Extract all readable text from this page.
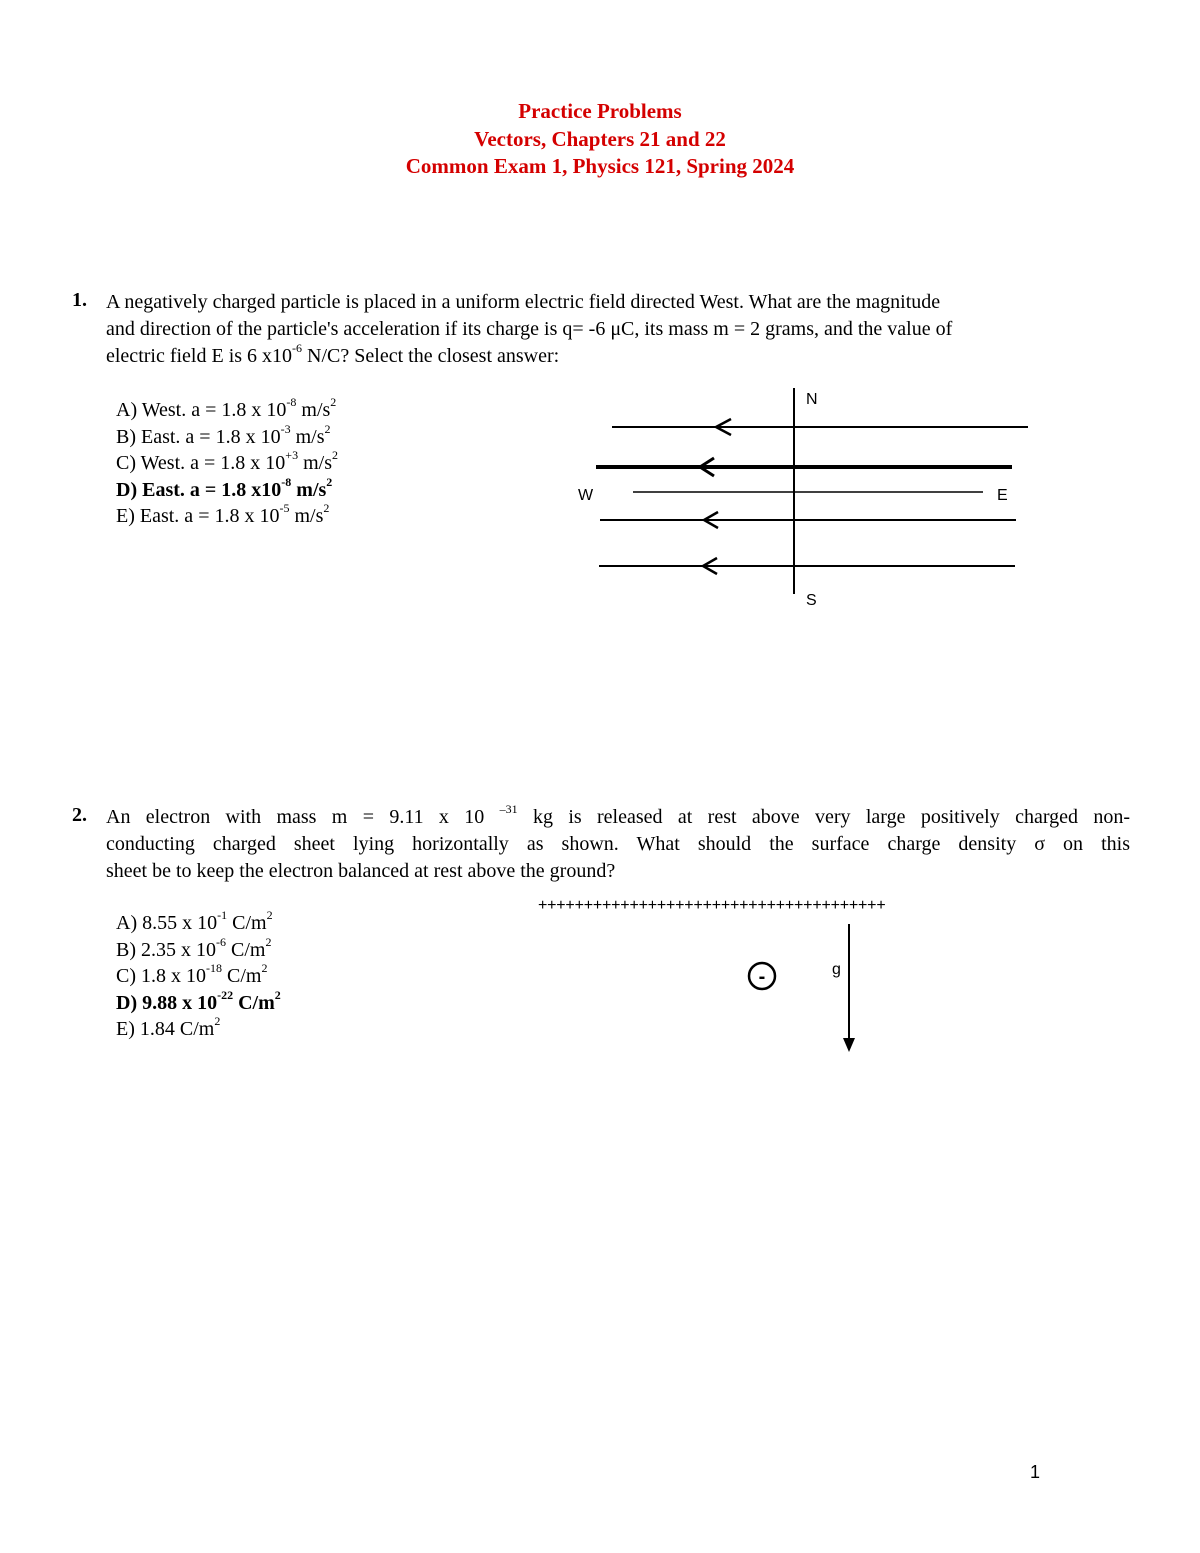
Practice Problems
Vectors, Chapters 21 and 22
Common Exam 1, Physics 121, Spring 2024
1. A negatively charged particle is placed in a uniform electric field directed West. What are the magnitude
and direction of the particle's acceleration if its charge is q= -6 μC, its mass m = 2 grams, and the value of
electric field E is 6 $x10^{-6}$ N/C? Select the closest answer:
A) West. a = 1.8 x $10^{-8}$ $m/s^2$
B) East. a = 1.8 x $10^{-3}$ $m/s^2$
C) West. a = 1.8 x $10^{+3}$ $m/s^2$
D) East. a = 1.8 $x10^{-8}$ $m/s^2$
E) East. a = 1.8 x $10^{-5}$ $m/s^2$
N
S
W	E
2. An electron with mass m = 9.11 x 10 $^{-31}$ kg is released at rest above very large positively charged non-
conducting charged sheet lying horizontally as shown. What should the surface charge density σ on this
sheet be to keep the electron balanced at rest above the ground?
A) 8.55 x $10^{-1}$ $C/m^2$
B) 2.35 x $10^{-6}$ $C/m^2$
C) 1.8 x $10^{-18}$ $C/m^2$
D) 9.88 x $10^{-22}$ $C/m^2$
E) 1.84 $C/m^2$
++++++++++++++++++++++++++++++++++++++
-	g
1
